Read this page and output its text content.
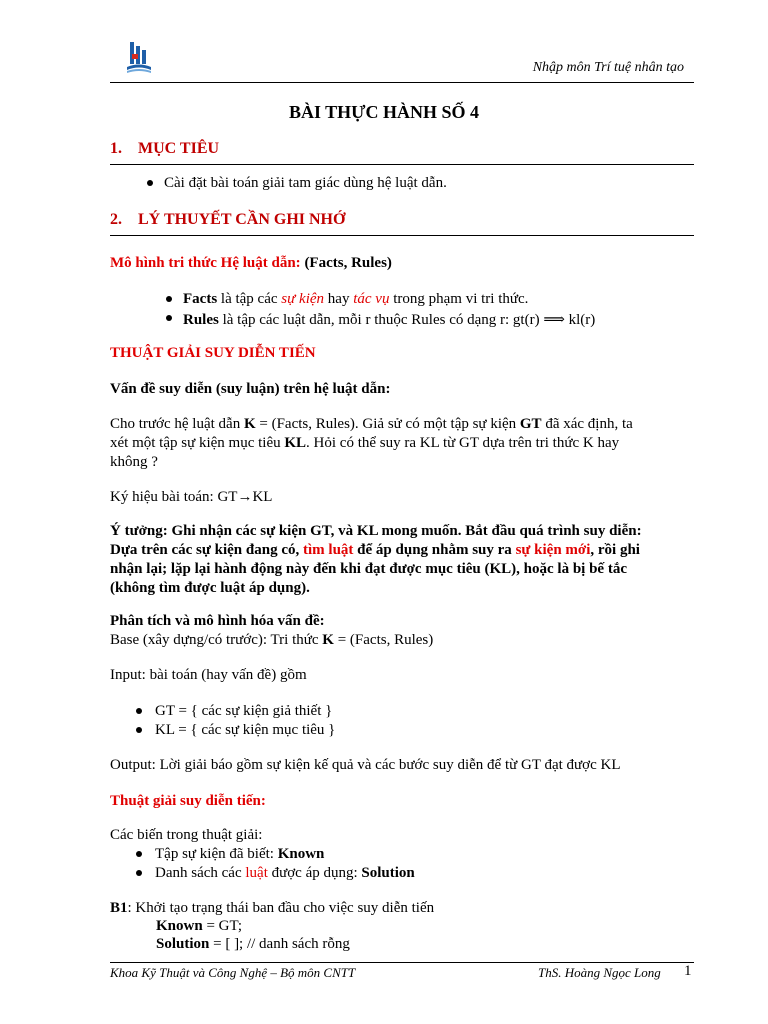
Nhập môn Trí tuệ nhân tạo
BÀI THỰC HÀNH SỐ 4
1. MỤC TIÊU
Cài đặt bài toán giải tam giác dùng hệ luật dẫn.
2. LÝ THUYẾT CẦN GHI NHỚ
Mô hình tri thức Hệ luật dẫn: (Facts, Rules)
Facts là tập các sự kiện hay tác vụ trong phạm vi tri thức.
Rules là tập các luật dẫn, mỗi r thuộc Rules có dạng r: gt(r) ⟹ kl(r)
THUẬT GIẢI SUY DIỄN TIẾN
Vấn đề suy diễn (suy luận) trên hệ luật dẫn:
Cho trước hệ luật dẫn K = (Facts, Rules). Giả sử có một tập sự kiện GT đã xác định, ta
xét một tập sự kiện mục tiêu KL. Hỏi có thể suy ra KL từ GT dựa trên tri thức K hay
không ?
Ký hiệu bài toán: GT→KL
Ý tưởng: Ghi nhận các sự kiện GT, và KL mong muốn. Bắt đầu quá trình suy diễn:
Dựa trên các sự kiện đang có, tìm luật để áp dụng nhằm suy ra sự kiện mới, rồi ghi
nhận lại; lặp lại hành động này đến khi đạt được mục tiêu (KL), hoặc là bị bế tắc
(không tìm được luật áp dụng).
Phân tích và mô hình hóa vấn đề:
Base (xây dựng/có trước): Tri thức K = (Facts, Rules)
Input: bài toán (hay vấn đề) gồm
GT = { các sự kiện giả thiết }
KL = { các sự kiện mục tiêu }
Output: Lời giải báo gồm sự kiện kế quả và các bước suy diễn để từ GT đạt được KL
Thuật giải suy diễn tiến:
Các biến trong thuật giải:
Tập sự kiện đã biết: Known
Danh sách các luật được áp dụng: Solution
B1: Khởi tạo trạng thái ban đầu cho việc suy diễn tiến
Known = GT;
Solution = [ ]; // danh sách rỗng
Khoa Kỹ Thuật và Công Nghệ – Bộ môn CNTT	ThS. Hoàng Ngọc Long 1
